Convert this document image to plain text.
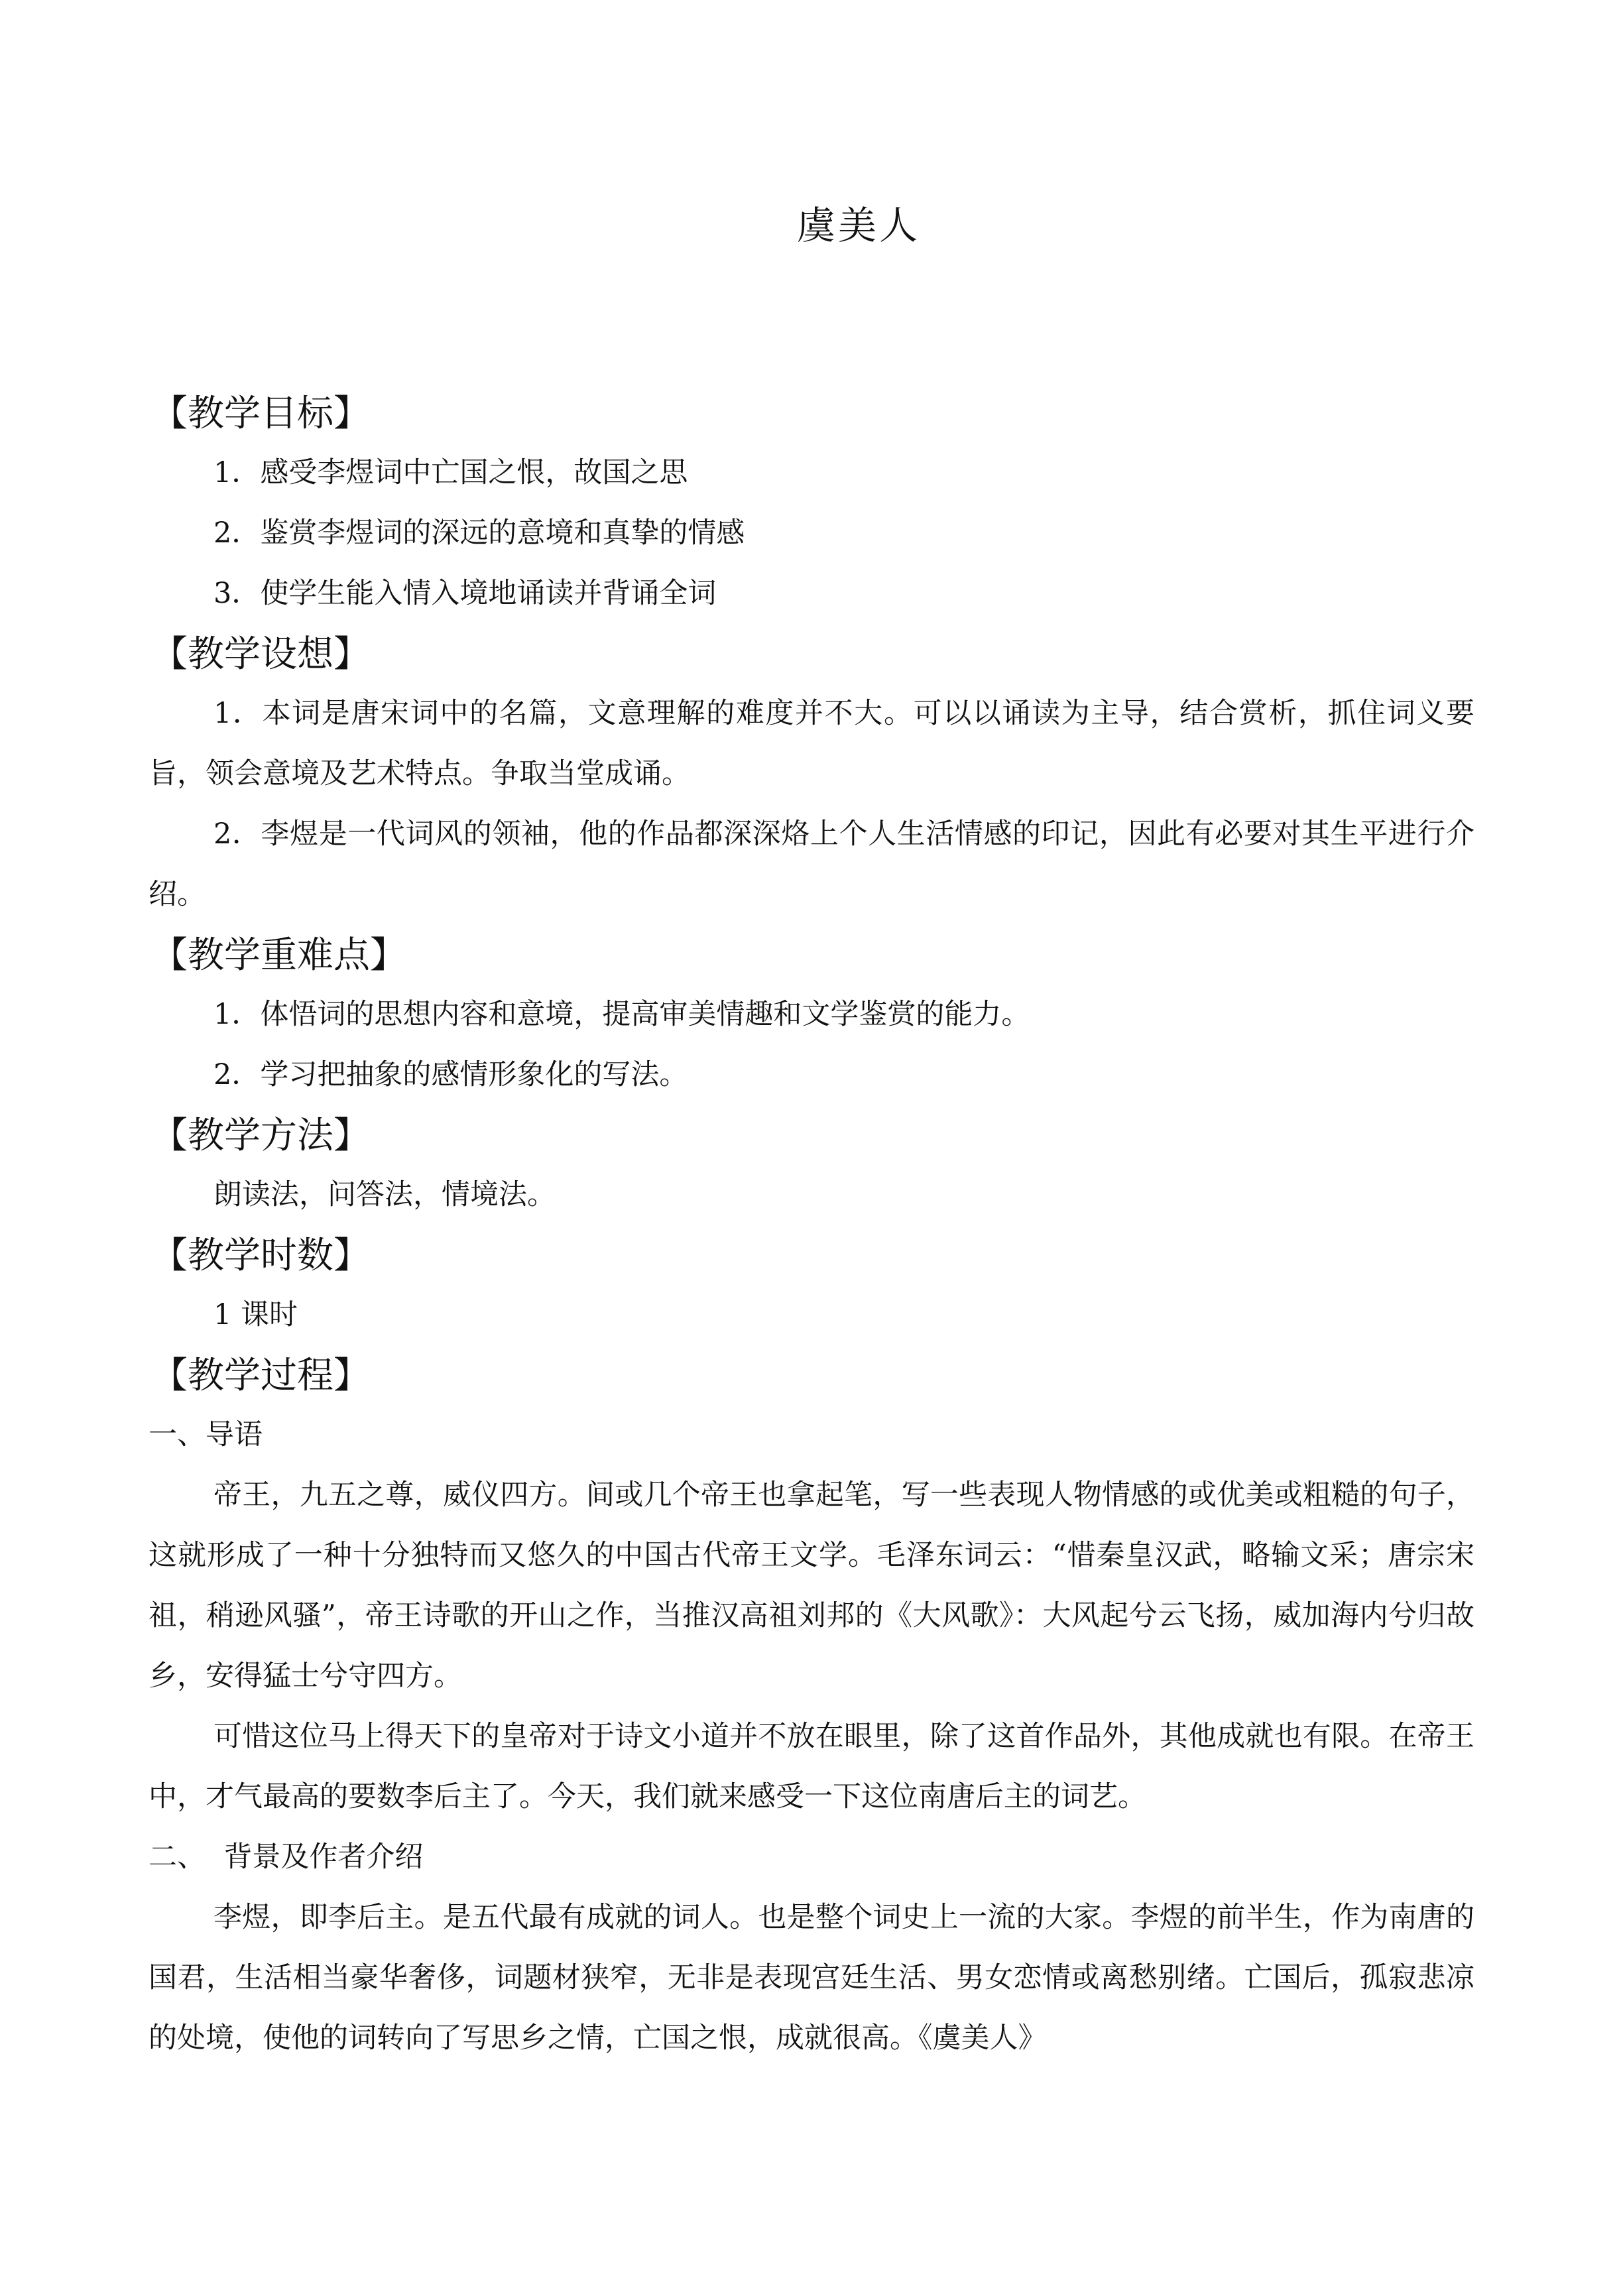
虞美人
【教学目标】
1．感受李煜词中亡国之恨，故国之思
2．鉴赏李煜词的深远的意境和真挚的情感
3．使学生能入情入境地诵读并背诵全词
【教学设想】

1．本词是唐宋词中的名篇，文意理解的难度并不大。可以以诵读为主导，结合赏析，抓住词义要旨，领会意境及艺术特点。争取当堂成诵。

2．李煜是一代词风的领袖，他的作品都深深烙上个人生活情感的印记，因此有必要对其生平进行介绍。

【教学重难点】
1．体悟词的思想内容和意境，提高审美情趣和文学鉴赏的能力。
2．学习把抽象的感情形象化的写法。
【教学方法】
朗读法，问答法，情境法。
【教学时数】
1 课时
【教学过程】
一、导语

帝王，九五之尊，威仪四方。间或几个帝王也拿起笔，写一些表现人物情感的或优美或粗糙的句子，这就形成了一种十分独特而又悠久的中国古代帝王文学。毛泽东词云：“惜秦皇汉武，略输文采；唐宗宋祖，稍逊风骚”，帝王诗歌的开山之作，当推汉高祖刘邦的《大风歌》：大风起兮云飞扬，威加海内兮归故乡，安得猛士兮守四方。

可惜这位马上得天下的皇帝对于诗文小道并不放在眼里，除了这首作品外，其他成就也有限。在帝王中，才气最高的要数李后主了。今天，我们就来感受一下这位南唐后主的词艺。

二、  背景及作者介绍

李煜，即李后主。是五代最有成就的词人。也是整个词史上一流的大家。李煜的前半生，作为南唐的国君，生活相当豪华奢侈，词题材狭窄，无非是表现宫廷生活、男女恋情或离愁别绪。亡国后，孤寂悲凉的处境，使他的词转向了写思乡之情，亡国之恨，成就很高。《虞美人》
